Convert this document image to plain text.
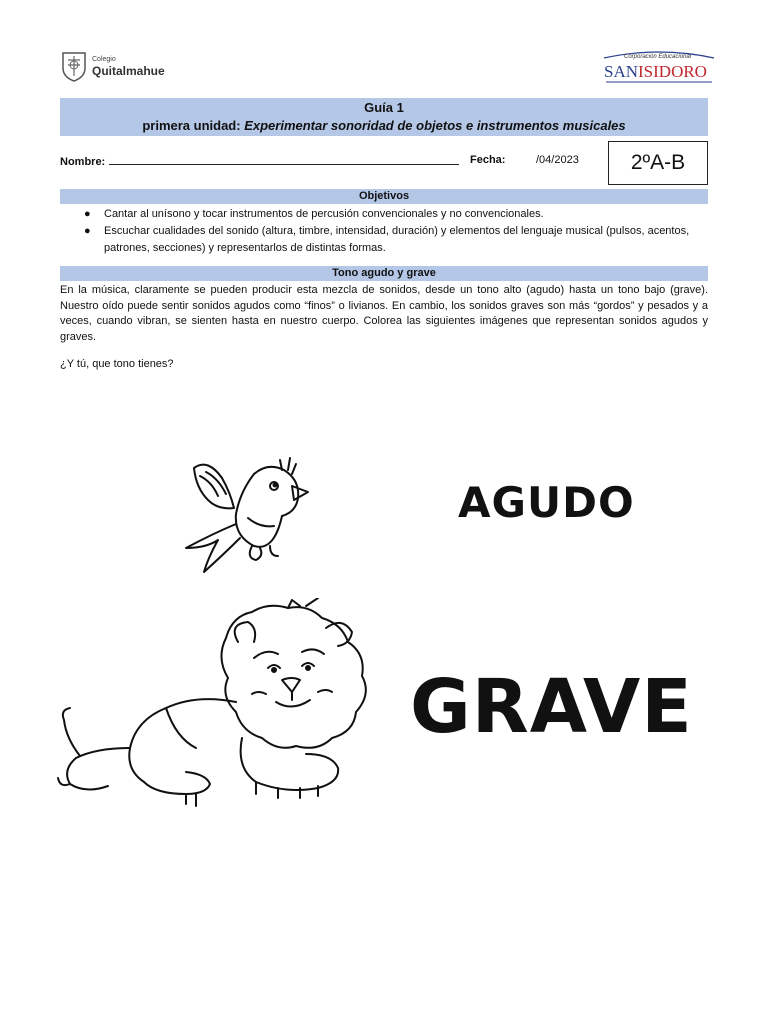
Colegio
Quitalmahue
Corporación Educacional
SANISIDORO
Guía 1
primera unidad: Experimentar sonoridad de objetos e instrumentos musicales
Nombre:	Fecha:	/04/2023	2ºA-B
Objetivos
● Cantar al unísono y tocar instrumentos de percusión convencionales y no convencionales.
● Escuchar cualidades del sonido (altura, timbre, intensidad, duración) y elementos del lenguaje musical (pulsos, acentos, patrones, secciones) y representarlos de distintas formas.
Tono agudo y grave

En la música, claramente se pueden producir esta mezcla de sonidos, desde un tono alto (agudo) hasta un tono bajo (grave). Nuestro oído puede sentir sonidos agudos como “finos” o livianos. En cambio, los sonidos graves son más “gordos” y pesados y a veces, cuando vibran, se sienten hasta en nuestro cuerpo. Colorea las siguientes imágenes que representan sonidos agudos y graves.

¿Y tú, que tono tienes?
AGUDO
GRAVE
